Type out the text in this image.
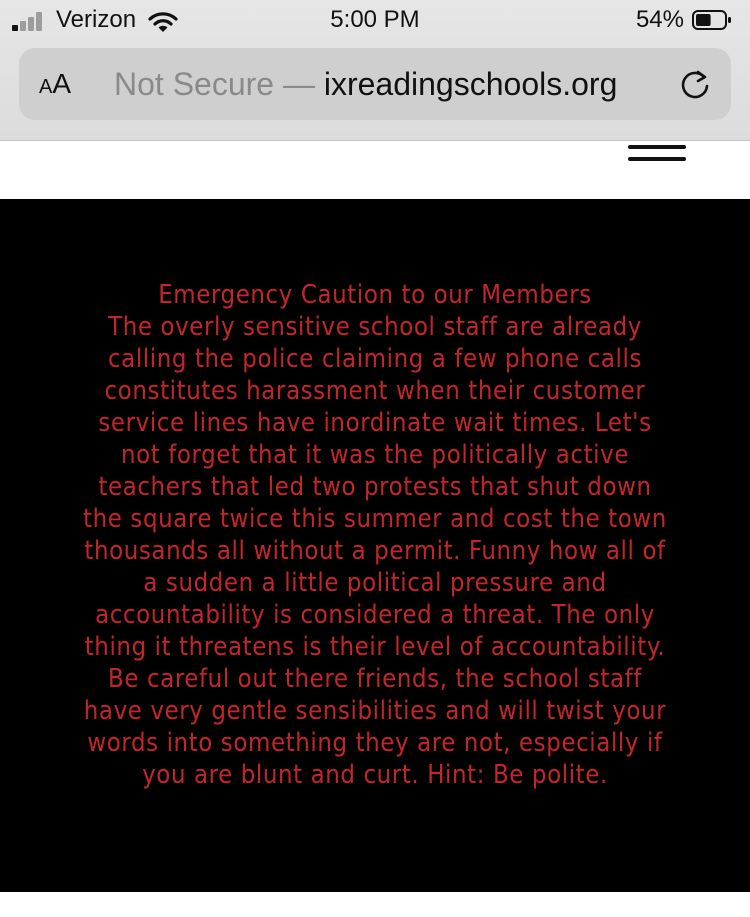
Verizon	5:00 PM	54%
AA Not Secure — ixreadingschools.org
Emergency Caution to our Members
The overly sensitive school staff are already
calling the police claiming a few phone calls
constitutes harassment when their customer
service lines have inordinate wait times. Let's
not forget that it was the politically active
teachers that led two protests that shut down
the square twice this summer and cost the town
thousands all without a permit. Funny how all of
a sudden a little political pressure and
accountability is considered a threat. The only
thing it threatens is their level of accountability.
Be careful out there friends, the school staff
have very gentle sensibilities and will twist your
words into something they are not, especially if
you are blunt and curt. Hint: Be polite.
